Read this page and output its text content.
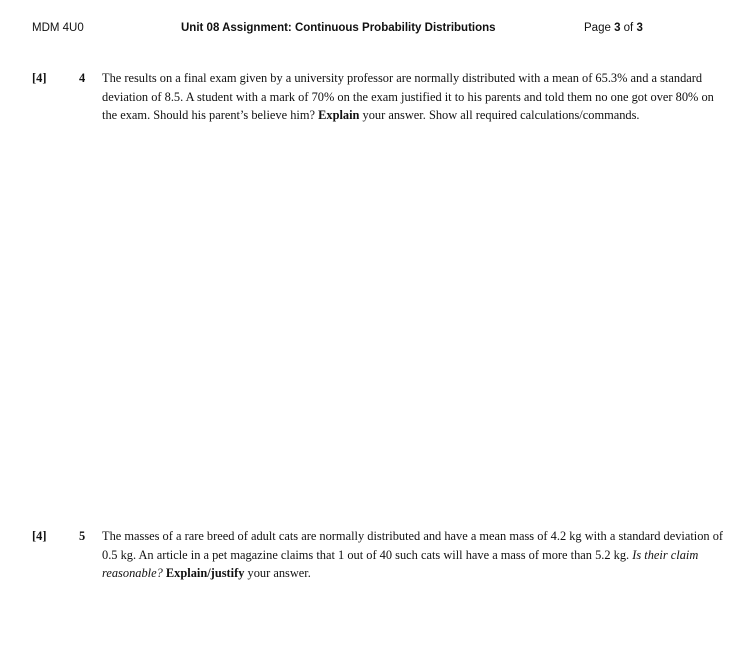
MDM 4U0	Unit 08 Assignment: Continuous Probability Distributions	Page 3 of 3
[4]	4 The results on a final exam given by a university professor are normally distributed with a mean of 65.3% and a standard deviation of 8.5. A student with a mark of 70% on the exam justified it to his parents and told them no one got over 80% on the exam. Should his parent’s believe him? Explain your answer. Show all required calculations/commands.
[4]	5 The masses of a rare breed of adult cats are normally distributed and have a mean mass of 4.2 kg with a standard deviation of 0.5 kg. An article in a pet magazine claims that 1 out of 40 such cats will have a mass of more than 5.2 kg. Is their claim reasonable? Explain/justify your answer.
